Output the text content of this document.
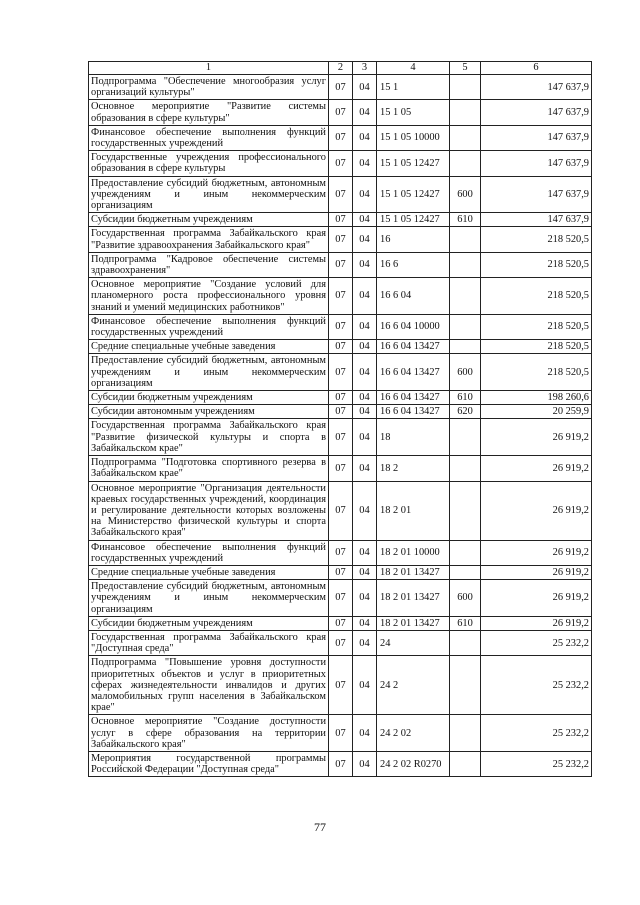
1	2	3	4	5	6
Подпрограмма "Обеспечение многообразия услуг организаций культуры"	07	04	15 1		147 637,9
Основное мероприятие "Развитие системы образования в сфере культуры"	07	04	15 1 05		147 637,9
Финансовое обеспечение выполнения функций государственных учреждений	07	04	15 1 05 10000		147 637,9
Государственные учреждения профессионального образования в сфере культуры	07	04	15 1 05 12427		147 637,9
Предоставление субсидий бюджетным, автономным учреждениям и иным некоммерческим организациям	07	04	15 1 05 12427	600	147 637,9
Субсидии бюджетным учреждениям	07	04	15 1 05 12427	610	147 637,9
Государственная программа Забайкальского края "Развитие здравоохранения Забайкальского края"	07	04	16		218 520,5
Подпрограмма "Кадровое обеспечение системы здравоохранения"	07	04	16 6		218 520,5
Основное мероприятие "Создание условий для планомерного роста профессионального уровня знаний и умений медицинских работников"	07	04	16 6 04		218 520,5
Финансовое обеспечение выполнения функций государственных учреждений	07	04	16 6 04 10000		218 520,5
Средние специальные учебные заведения	07	04	16 6 04 13427		218 520,5
Предоставление субсидий бюджетным, автономным учреждениям и иным некоммерческим организациям	07	04	16 6 04 13427	600	218 520,5
Субсидии бюджетным учреждениям	07	04	16 6 04 13427	610	198 260,6
Субсидии автономным учреждениям	07	04	16 6 04 13427	620	20 259,9
Государственная программа Забайкальского края "Развитие физической культуры и спорта в Забайкальском крае"	07	04	18		26 919,2
Подпрограмма "Подготовка спортивного резерва в Забайкальском крае"	07	04	18 2		26 919,2
Основное мероприятие "Организация деятельности краевых государственных учреждений, координация и регулирование деятельности которых возложены на Министерство физической культуры и спорта Забайкальского края"	07	04	18 2 01		26 919,2
Финансовое обеспечение выполнения функций государственных учреждений	07	04	18 2 01 10000		26 919,2
Средние специальные учебные заведения	07	04	18 2 01 13427		26 919,2
Предоставление субсидий бюджетным, автономным учреждениям и иным некоммерческим организациям	07	04	18 2 01 13427	600	26 919,2
Субсидии бюджетным учреждениям	07	04	18 2 01 13427	610	26 919,2
Государственная программа Забайкальского края "Доступная среда"	07	04	24		25 232,2
Подпрограмма "Повышение уровня доступности приоритетных объектов и услуг в приоритетных сферах жизнедеятельности инвалидов и других маломобильных групп населения в Забайкальском крае"	07	04	24 2		25 232,2
Основное мероприятие "Создание доступности услуг в сфере образования на территории Забайкальского края"	07	04	24 2 02		25 232,2
Мероприятия государственной программы Российской Федерации "Доступная среда"	07	04	24 2 02 R0270		25 232,2
77
